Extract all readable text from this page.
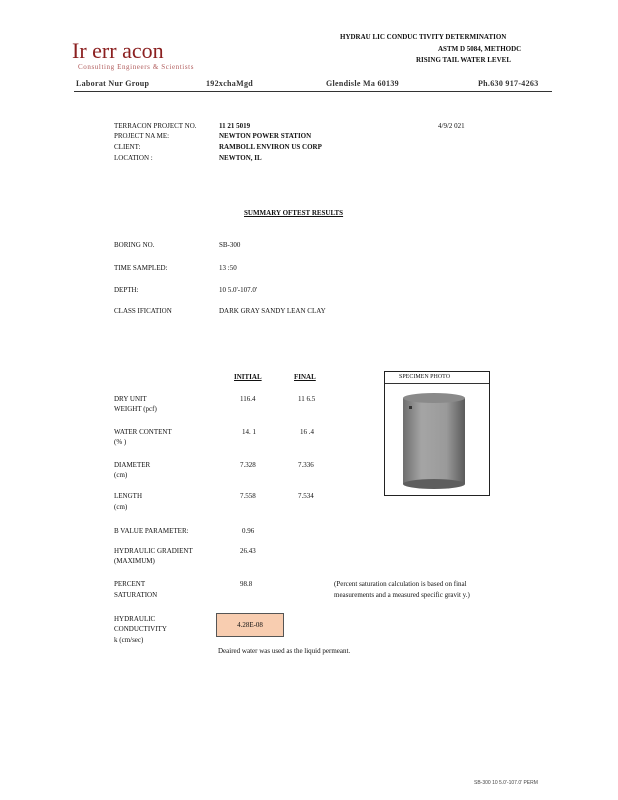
Ir err acon
Consulting Engineers & Scientists
HYDRAU LIC CONDUC TIVITY DETERMINATION
ASTM D 5084, METHODC
RISING TAIL WATER LEVEL
Laborat Nur Group	192xchaMgd	Glendisle Ma 60139	Ph.630 917-4263
TERRACON PROJECT NO.	11 21 5019	4/9/2 021
PROJECT NA ME:	NEWTON POWER STATION
CLIENT:	RAMBOLL ENVIRON US CORP
LOCATION :	NEWTON, IL
SUMMARY OFTEST RESULTS
BORING NO.	SB-300
TIME SAMPLED:	13 :50
DEPTH:	10 5.0'-107.0'
CLASS IFICATION	DARK GRAY SANDY LEAN CLAY
INITIAL	FINAL	SPECIMEN PHOTO
DRY UNIT
WEIGHT (pcf)
116.4	11 6.5
WATER CONTENT
(% )
14. 1	16 .4
DIAMETER
(cm)
7.328	7.336
LENGTH
(cm)
7.558	7.534
B VALUE PARAMETER:	0.96
HYDRAULIC GRADIENT
(MAXIMUM)
26.43
PERCENT
SATURATION
98.8	(Percent saturation calculation is based on final
measurements and a measured specific gravit y.)
HYDRAULIC
CONDUCTIVITY
k (cm/sec)
4.28E-08
Deaired water was used as the liquid permeant.
SB-300 10 5.0'-107.0' PERM
